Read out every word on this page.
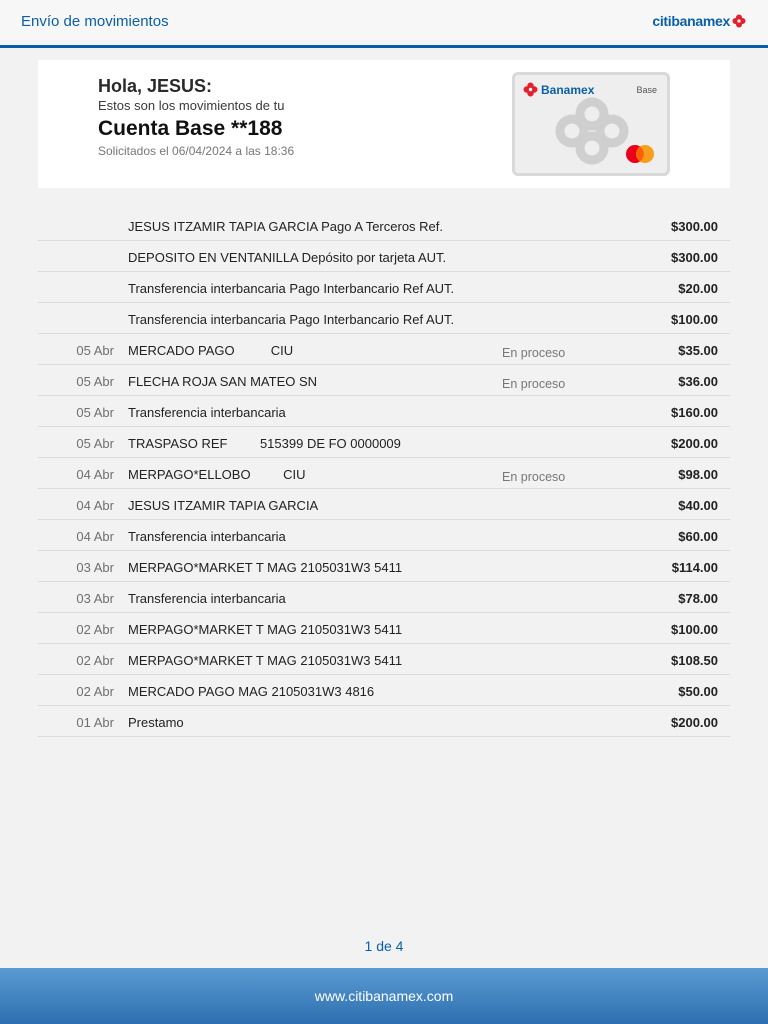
Envío de movimientos	citi banamex
Hola, JESUS:
Estos son los movimientos de tu
Cuenta Base **188
Solicitados el 06/04/2024 a las 18:36
Banamex	Base
JESUS ITZAMIR TAPIA GARCIA Pago A Terceros Ref.	$300.00
DEPOSITO EN VENTANILLA Depósito por tarjeta AUT.	$300.00
Transferencia interbancaria Pago Interbancario Ref AUT.	$20.00
Transferencia interbancaria Pago Interbancario Ref AUT.	$100.00
05 Abr MERCADO PAGO          CIU	En proceso	$35.00
05 Abr FLECHA ROJA SAN MATEO SN	En proceso	$36.00
05 Abr Transferencia interbancaria	$160.00
05 Abr TRASPASO REF         515399 DE FO 0000009	$200.00
04 Abr MERPAGO*ELLOBO         CIU	En proceso	$98.00
04 Abr JESUS ITZAMIR TAPIA GARCIA	$40.00
04 Abr Transferencia interbancaria	$60.00
03 Abr MERPAGO*MARKET T MAG 2105031W3 5411	$114.00
03 Abr Transferencia interbancaria	$78.00
02 Abr MERPAGO*MARKET T MAG 2105031W3 5411	$100.00
02 Abr MERPAGO*MARKET T MAG 2105031W3 5411	$108.50
02 Abr MERCADO PAGO MAG 2105031W3 4816	$50.00
01 Abr Prestamo	$200.00
1 de 4
www.citibanamex.com
